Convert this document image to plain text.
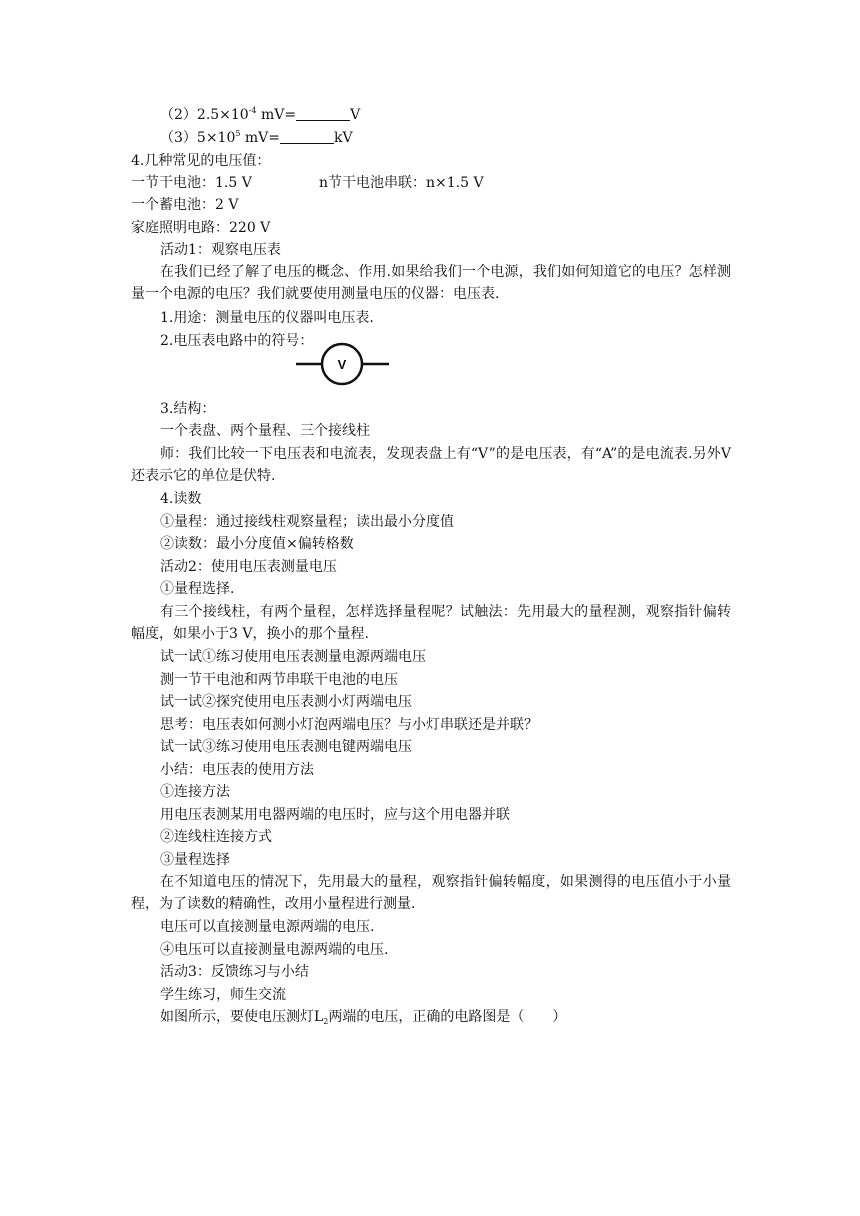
$(2)2.5\times 10^{-4}$ mV=	V
$(3)5\times 10^5$ mV=	kV
4.几种常见的电压值：
一节干电池：1.5 V	n节干电池串联：n×1.5 V
一个蓄电池：2 V
家庭照明电路：220 V
活动1：观察电压表
在我们已经了解了电压的概念、作用.如果给我们一个电源，我们如何知道它的电压？怎样测量一个电源的电压？我们就要使用测量电压的仪器：电压表.
1.用途：测量电压的仪器叫电压表.
2.电压表电路中的符号：
V
3.结构：
一个表盘、两个量程、三个接线柱
师：我们比较一下电压表和电流表，发现表盘上有“V”的是电压表，有“A”的是电流表.另外V还表示它的单位是伏特.
4.读数
①量程：通过接线柱观察量程；读出最小分度值
②读数：最小分度值×偏转格数
活动2：使用电压表测量电压
①量程选择.
有三个接线柱，有两个量程，怎样选择量程呢？试触法：先用最大的量程测，观察指针偏转幅度，如果小于3 V，换小的那个量程.
试一试①练习使用电压表测量电源两端电压
测一节干电池和两节串联干电池的电压
试一试②探究使用电压表测小灯两端电压
思考：电压表如何测小灯泡两端电压？与小灯串联还是并联？
试一试③练习使用电压表测电键两端电压
小结：电压表的使用方法
①连接方法
用电压表测某用电器两端的电压时，应与这个用电器并联
②连线柱连接方式
③量程选择
在不知道电压的情况下，先用最大的量程，观察指针偏转幅度，如果测得的电压值小于小量程，为了读数的精确性，改用小量程进行测量.
电压可以直接测量电源两端的电压.
④电压可以直接测量电源两端的电压.
活动3：反馈练习与小结
学生练习，师生交流
如图所示，要使电压测灯$L_2$两端的电压，正确的电路图是（　　）
